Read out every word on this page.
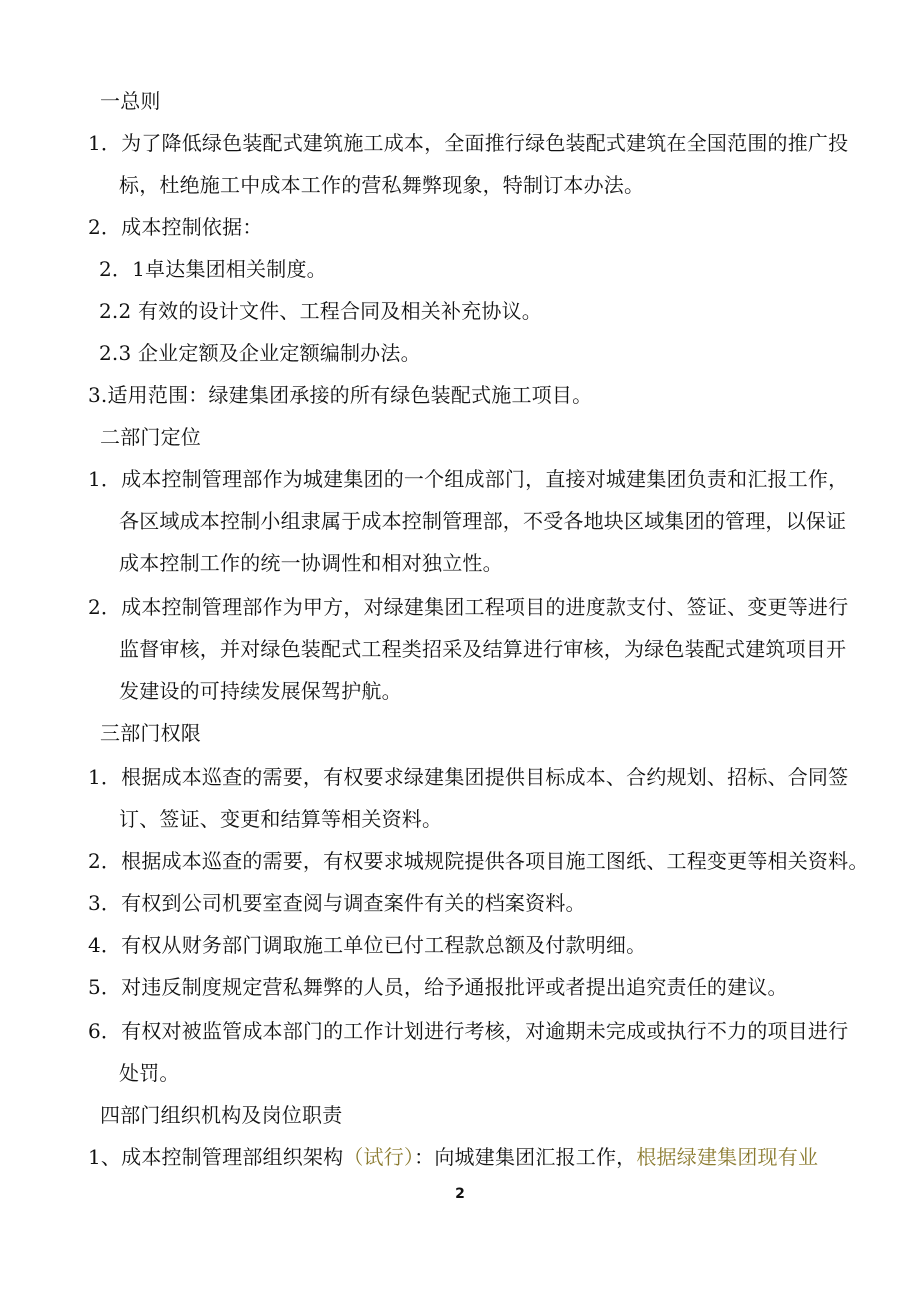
一总则
1．为了降低绿色装配式建筑施工成本，全面推行绿色装配式建筑在全国范围的推广投
标，杜绝施工中成本工作的营私舞弊现象，特制订本办法。
2．成本控制依据：
2．1卓达集团相关制度。
2.2 有效的设计文件、工程合同及相关补充协议。
2.3 企业定额及企业定额编制办法。
3.适用范围：绿建集团承接的所有绿色装配式施工项目。
二部门定位
1．成本控制管理部作为城建集团的一个组成部门，直接对城建集团负责和汇报工作，
各区域成本控制小组隶属于成本控制管理部，不受各地块区域集团的管理，以保证
成本控制工作的统一协调性和相对独立性。
2．成本控制管理部作为甲方，对绿建集团工程项目的进度款支付、签证、变更等进行
监督审核，并对绿色装配式工程类招采及结算进行审核，为绿色装配式建筑项目开
发建设的可持续发展保驾护航。
三部门权限
1．根据成本巡查的需要，有权要求绿建集团提供目标成本、合约规划、招标、合同签
订、签证、变更和结算等相关资料。
2．根据成本巡查的需要，有权要求城规院提供各项目施工图纸、工程变更等相关资料。
3．有权到公司机要室查阅与调查案件有关的档案资料。
4．有权从财务部门调取施工单位已付工程款总额及付款明细。
5．对违反制度规定营私舞弊的人员，给予通报批评或者提出追究责任的建议。
6．有权对被监管成本部门的工作计划进行考核，对逾期未完成或执行不力的项目进行
处罚。
四部门组织机构及岗位职责
1、成本控制管理部组织架构（试行）：向城建集团汇报工作，根据绿建集团现有业
2
